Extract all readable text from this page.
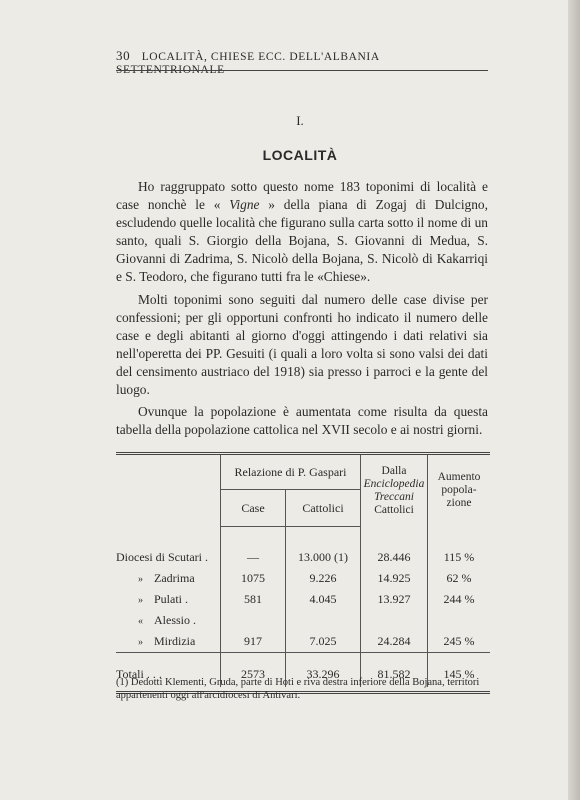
30 LOCALITÀ, CHIESE ECC. DELL'ALBANIA SETTENTRIONALE
I.
LOCALITÀ

Ho raggruppato sotto questo nome 183 toponimi di località e case nonchè le « Vigne » della piana di Zogaj di Dulcigno, escludendo quelle località che figurano sulla carta sotto il nome di un santo, quali S. Giorgio della Bojana, S. Giovanni di Medua, S. Giovanni di Zadrima, S. Nicolò della Bojana, S. Nicolò di Kakarriqi e S. Teodoro, che figurano tutti fra le «Chiese».

Molti toponimi sono seguiti dal numero delle case divise per confessioni; per gli opportuni confronti ho indicato il numero delle case e degli abitanti al giorno d'oggi attingendo i dati relativi sia nell'operetta dei PP. Gesuiti (i quali a loro volta si sono valsi dei dati del censimento austriaco del 1918) sia presso i parroci e la gente del luogo.

Ovunque la popolazione è aumentata come risulta da questa tabella della popolazione cattolica nel XVII secolo e ai nostri giorni.

	Relazione di P. Gaspari		Dalla
Enciclopedia
Treccani
Cattolici	Aumento
popola-
zione
	Case	Cattolici		
Diocesi di Scutari .	—	13.000 (1)	28.446	115 %
» Zadrima	1075	9.226	14.925	62 %
» Pulati .	581	4.045	13.927	244 %
« Alessio .				
» Mirdizia	917	7.025	24.284	245 %
Totali . . .	2573	33.296	81.582	145 %
(1) Dedotti Klementi, Gruda, parte di Hoti e riva destra inferiore della Bojana, territori appartenenti oggi all'arcidiocesi di Antivari.
